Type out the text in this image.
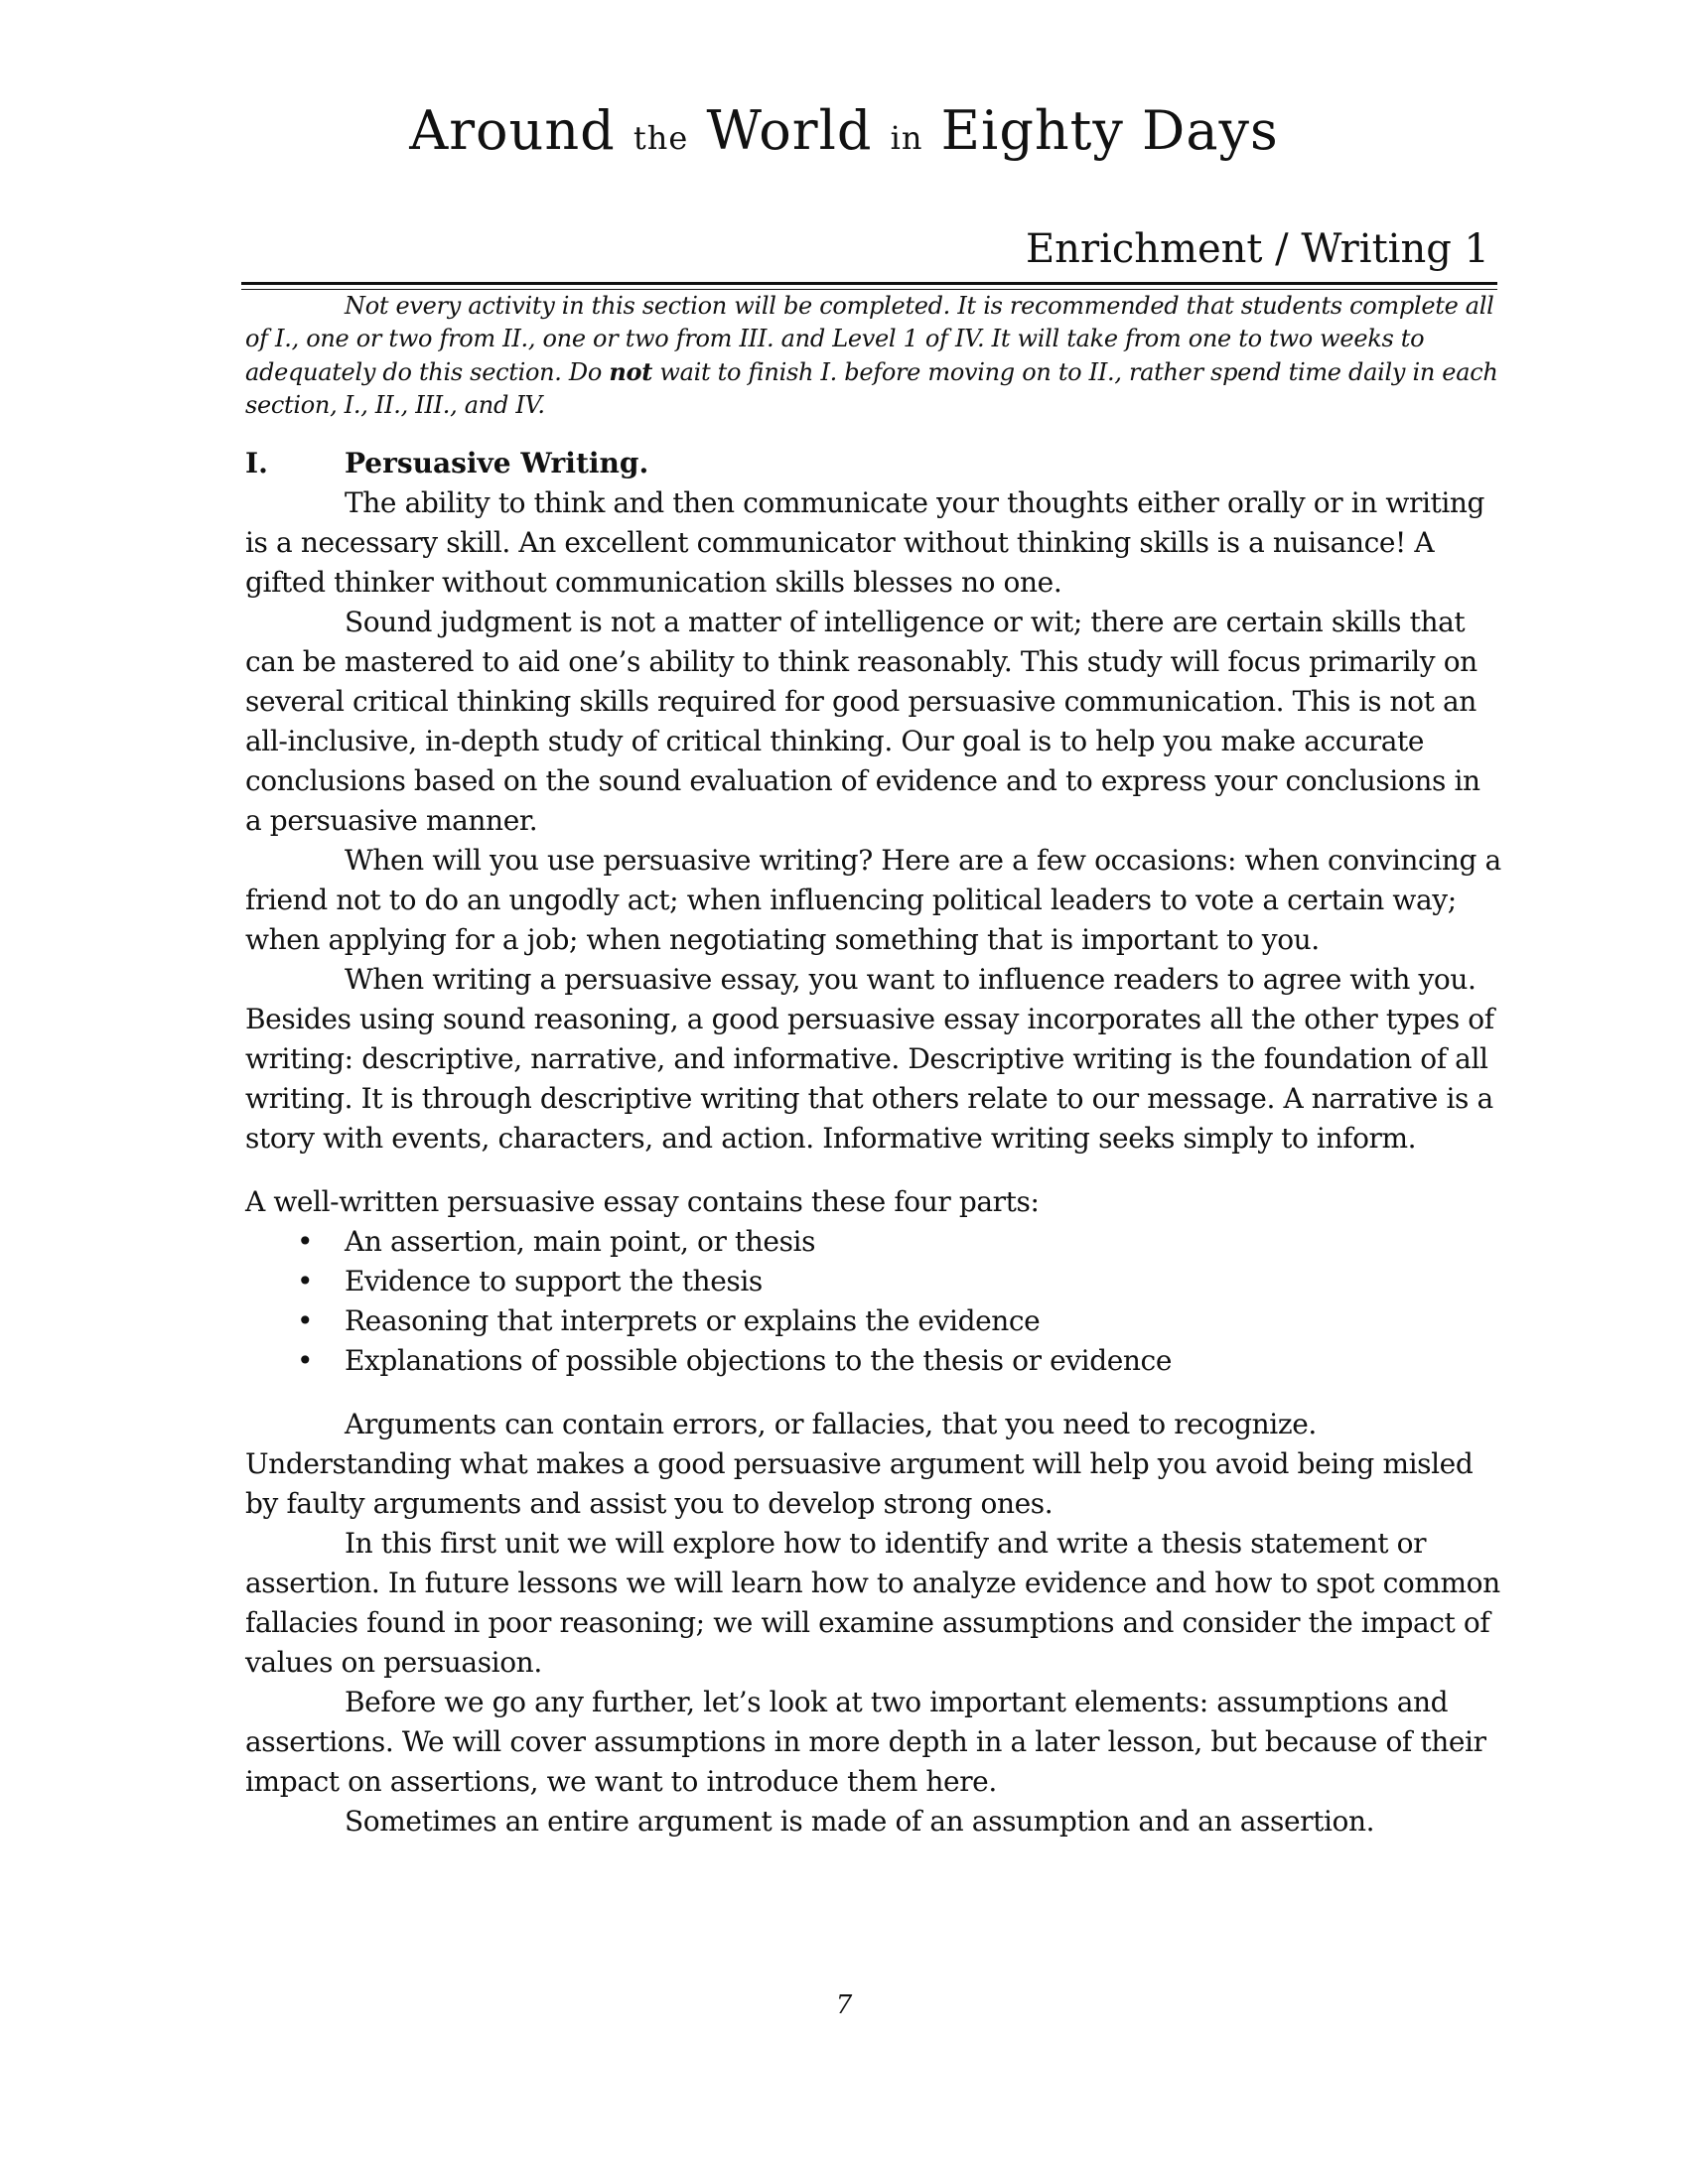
Around the World in Eighty Days
Enrichment / Writing 1

Not every activity in this section will be completed. It is recommended that students complete all of I., one or two from II., one or two from III. and Level 1 of IV. It will take from one to two weeks to adequately do this section. Do not wait to finish I. before moving on to II., rather spend time daily in each section, I., II., III., and IV.

I.	Persuasive Writing.

The ability to think and then communicate your thoughts either orally or in writing is a necessary skill. An excellent communicator without thinking skills is a nuisance! A gifted thinker without communication skills blesses no one.

Sound judgment is not a matter of intelligence or wit; there are certain skills that can be mastered to aid one’s ability to think reasonably. This study will focus primarily on several critical thinking skills required for good persuasive communication. This is not an all-inclusive, in-depth study of critical thinking. Our goal is to help you make accurate conclusions based on the sound evaluation of evidence and to express your conclusions in a persuasive manner.

When will you use persuasive writing? Here are a few occasions: when convincing a friend not to do an ungodly act; when influencing political leaders to vote a certain way; when applying for a job; when negotiating something that is important to you.

When writing a persuasive essay, you want to influence readers to agree with you. Besides using sound reasoning, a good persuasive essay incorporates all the other types of writing: descriptive, narrative, and informative. Descriptive writing is the foundation of all writing. It is through descriptive writing that others relate to our message. A narrative is a story with events, characters, and action. Informative writing seeks simply to inform.

A well-written persuasive essay contains these four parts:

• An assertion, main point, or thesis
• Evidence to support the thesis
• Reasoning that interprets or explains the evidence
• Explanations of possible objections to the thesis or evidence

Arguments can contain errors, or fallacies, that you need to recognize. Understanding what makes a good persuasive argument will help you avoid being misled by faulty arguments and assist you to develop strong ones.

In this first unit we will explore how to identify and write a thesis statement or assertion. In future lessons we will learn how to analyze evidence and how to spot common fallacies found in poor reasoning; we will examine assumptions and consider the impact of values on persuasion.

Before we go any further, let’s look at two important elements: assumptions and assertions. We will cover assumptions in more depth in a later lesson, but because of their impact on assertions, we want to introduce them here.

Sometimes an entire argument is made of an assumption and an assertion.

7
